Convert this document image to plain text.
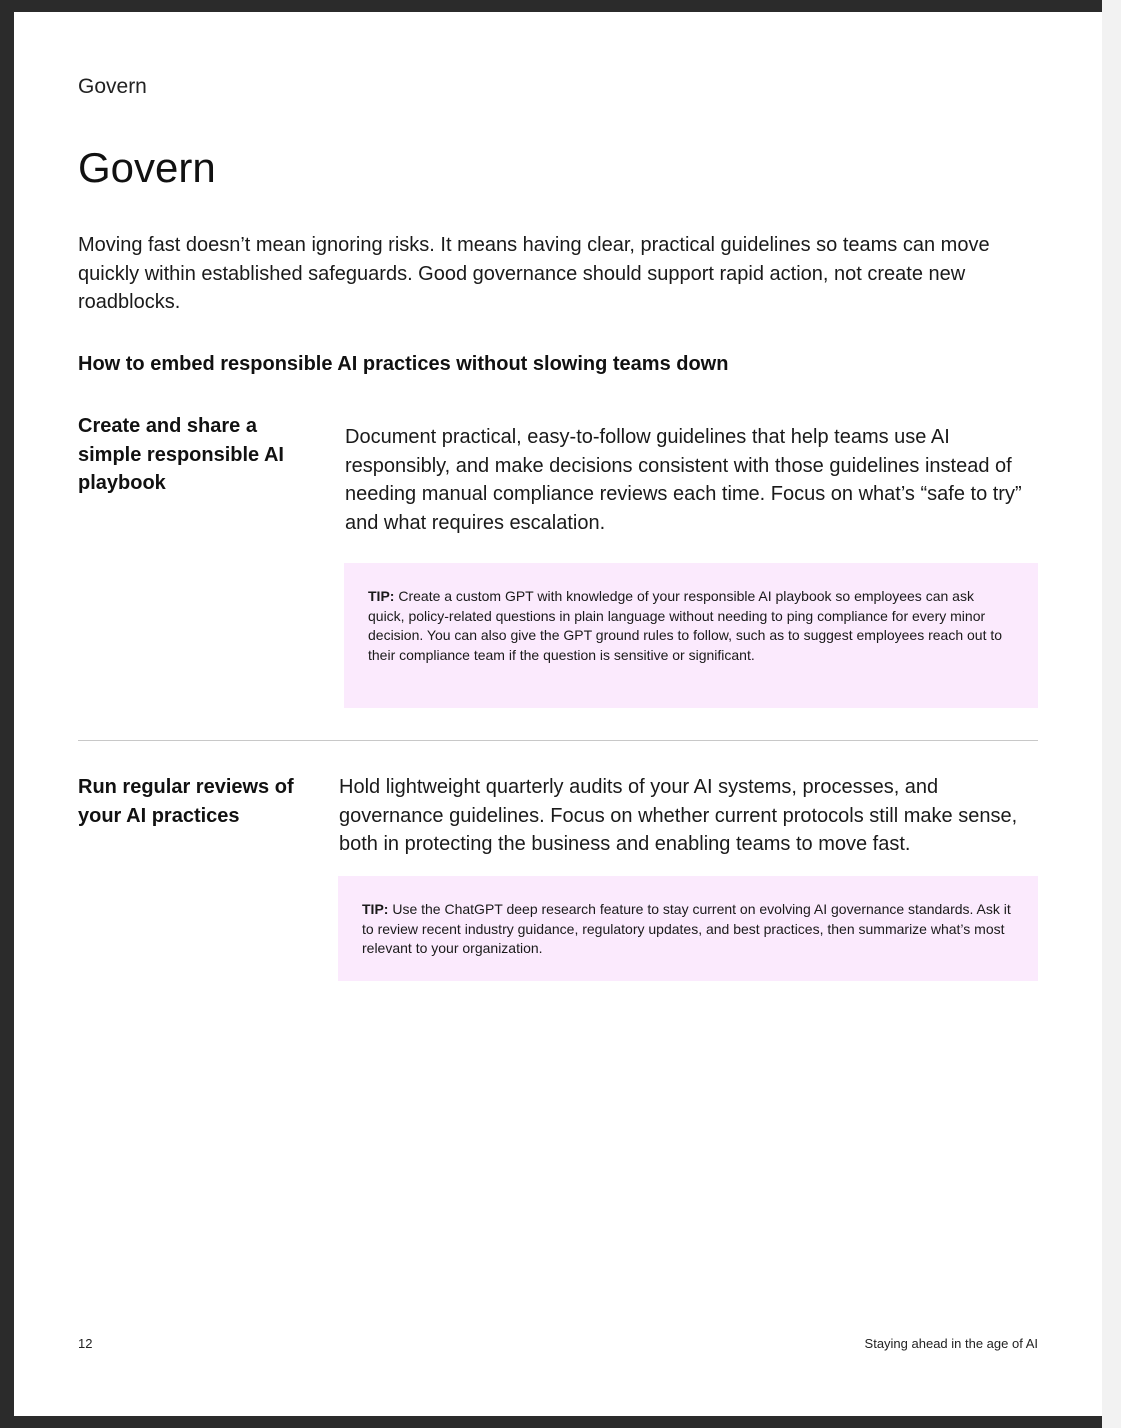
Govern
Govern

Moving fast doesn’t mean ignoring risks. It means having clear, practical guidelines so teams can move quickly within established safeguards. Good governance should support rapid action, not create new roadblocks.

How to embed responsible AI practices without slowing teams down

Create and share a simple responsible AI playbook

Document practical, easy-to-follow guidelines that help teams use AI responsibly, and make decisions consistent with those guidelines instead of needing manual compliance reviews each time. Focus on what’s “safe to try” and what requires escalation.

TIP: Create a custom GPT with knowledge of your responsible AI playbook so employees can ask quick, policy-related questions in plain language without needing to ping compliance for every minor decision. You can also give the GPT ground rules to follow, such as to suggest employees reach out to their compliance team if the question is sensitive or significant.

Run regular reviews of your AI practices

Hold lightweight quarterly audits of your AI systems, processes, and governance guidelines. Focus on whether current protocols still make sense, both in protecting the business and enabling teams to move fast.

TIP: Use the ChatGPT deep research feature to stay current on evolving AI governance standards. Ask it to review recent industry guidance, regulatory updates, and best practices, then summarize what’s most relevant to your organization.
12	Staying ahead in the age of AI
